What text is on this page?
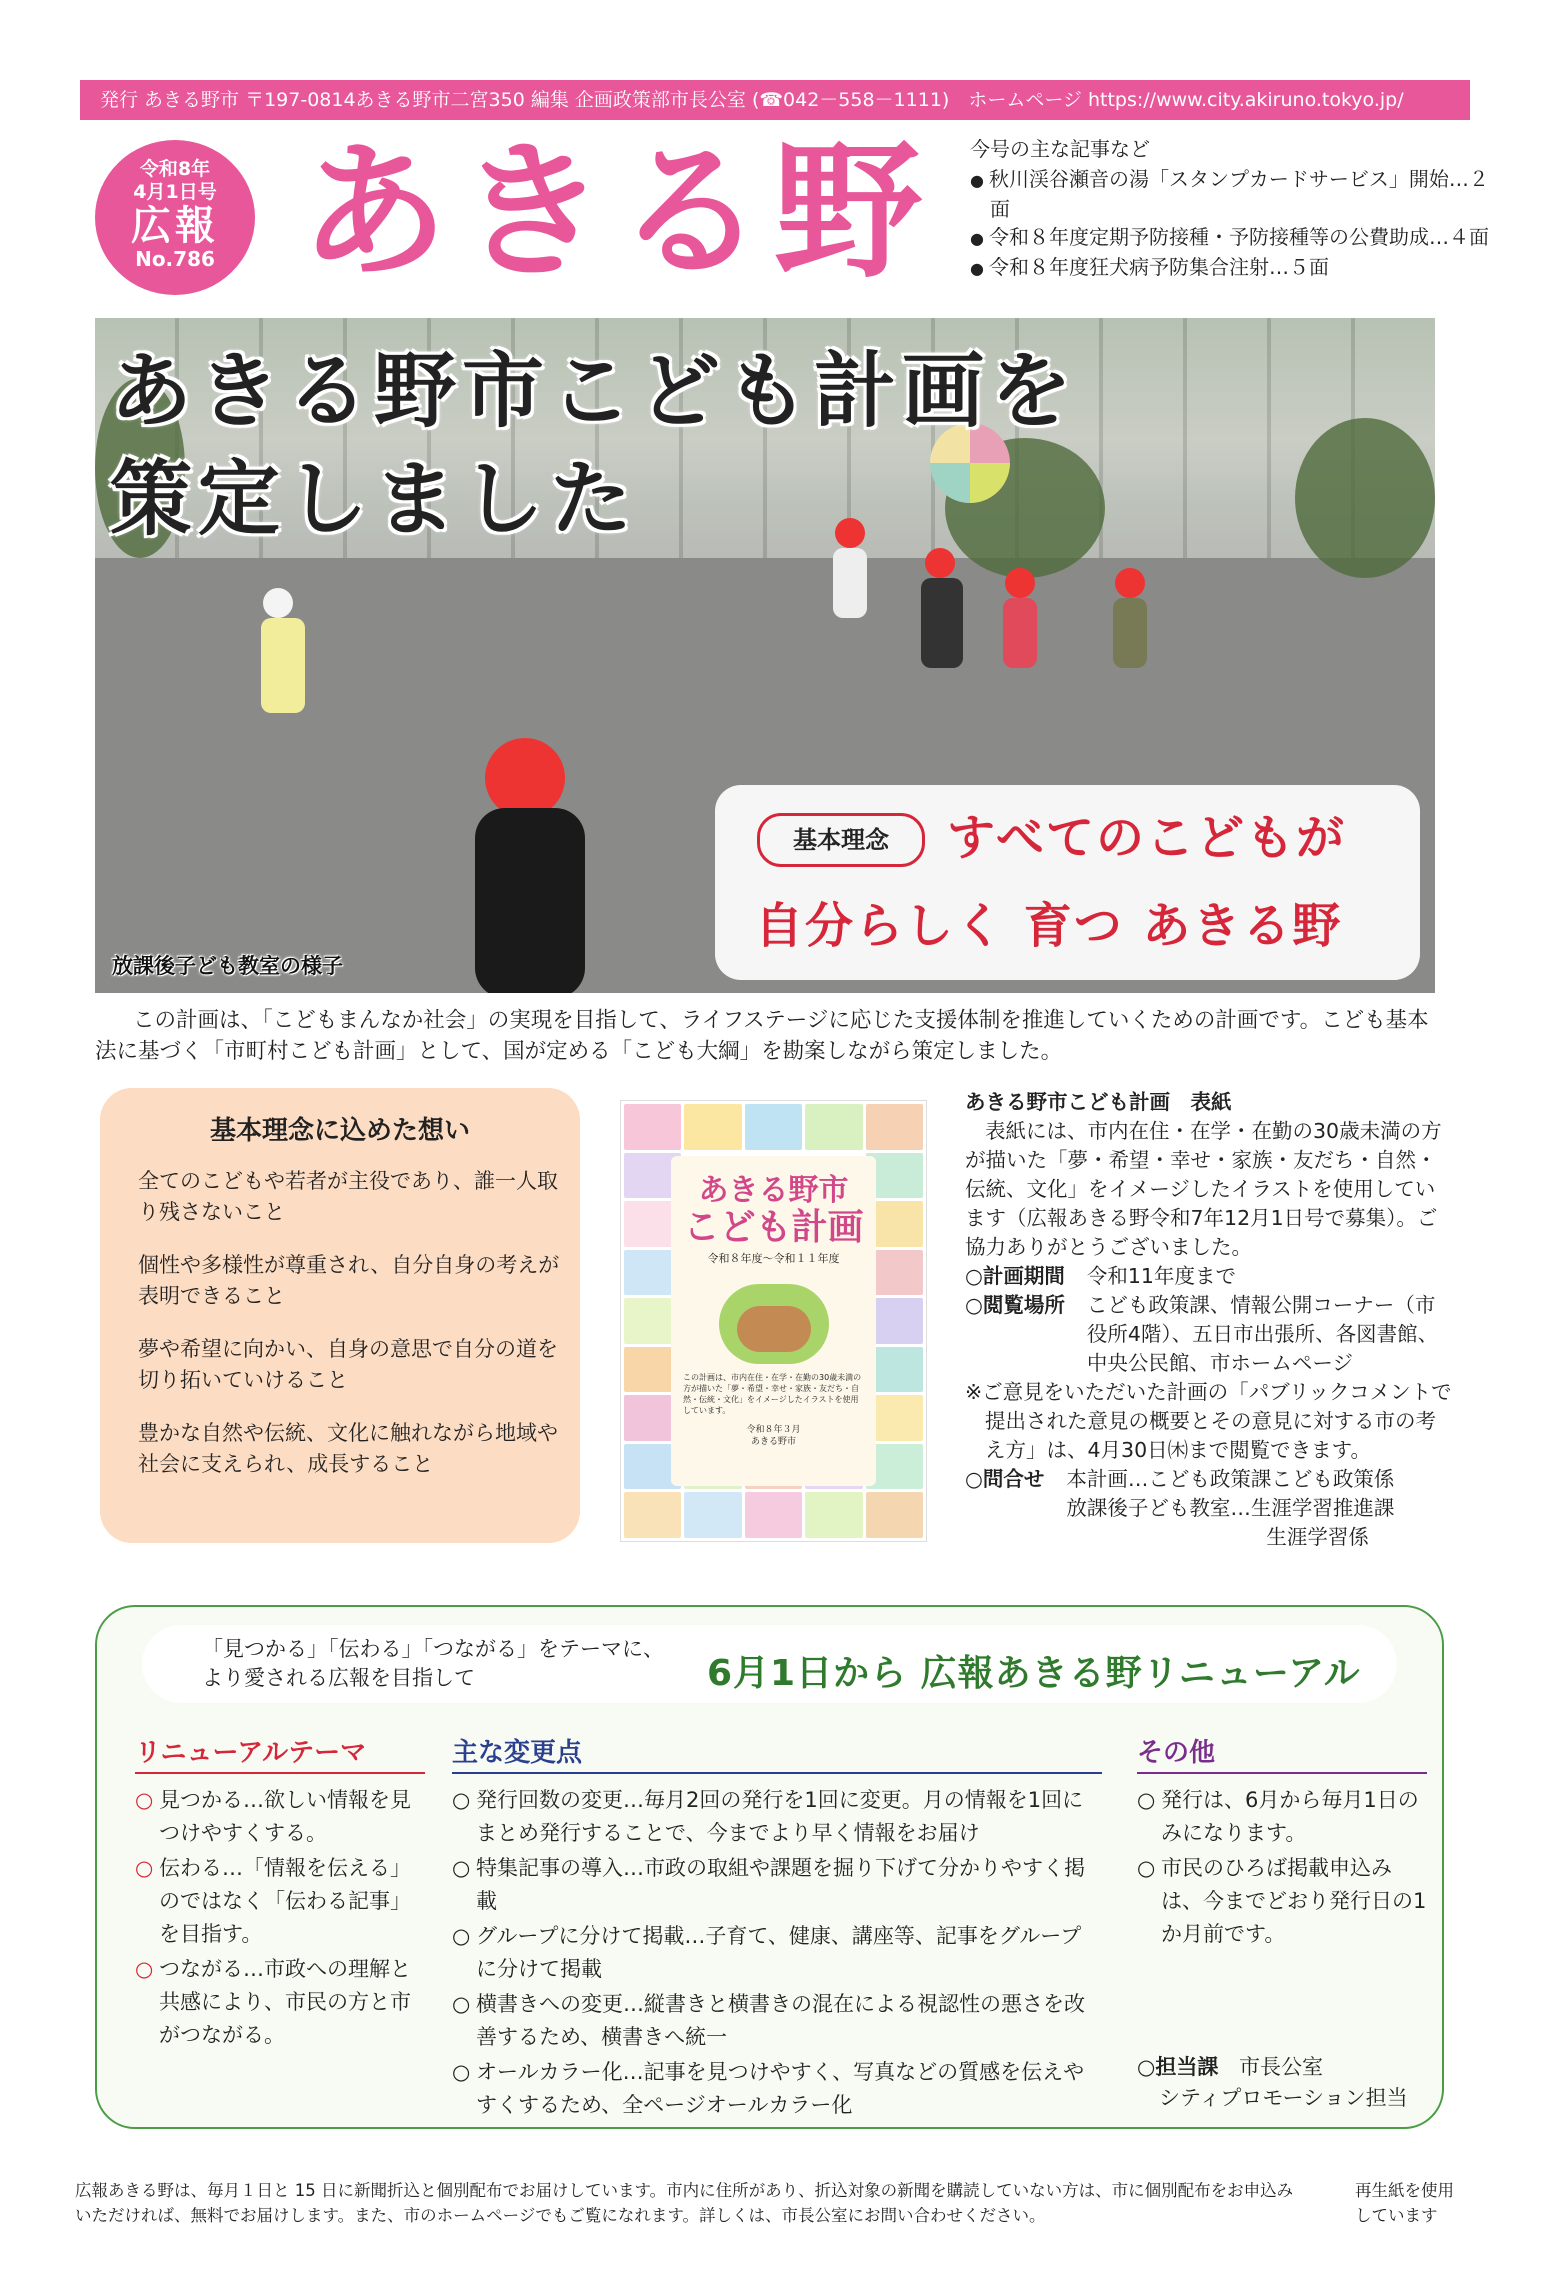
発行 あきる野市 〒197-0814あきる野市二宮350 編集 企画政策部市長公室 (☎042－558－1111)　ホームページ https://www.city.akiruno.tokyo.jp/
令和8年
4月1日号
広報
No.786 あきる野 今号の主な記事など
● 秋川渓谷瀬音の湯「スタンプカードサービス」開始…２面
● 令和８年度定期予防接種・予防接種等の公費助成…４面
● 令和８年度狂犬病予防集合注射…５面
あきる野市こども計画を
策定しました
基本理念	すべてのこどもが
自分らしく 育つ あきる野
放課後子ども教室の様子
この計画は、「こどもまんなか社会」の実現を目指して、ライフステージに応じた支援体制を推進していくための計画です。こども基本法に基づく「市町村こども計画」として、国が定める「こども大綱」を勘案しながら策定しました。
基本理念に込めた想い

全てのこどもや若者が主役であり、誰一人取り残さないこと

個性や多様性が尊重され、自分自身の考えが表明できること

夢や希望に向かい、自身の意思で自分の道を切り拓いていけること

豊かな自然や伝統、文化に触れながら地域や社会に支えられ、成長すること

あきる野市
こども計画
令和８年度～令和１１年度
この計画は、市内在住・在学・在勤の30歳未満の方が描いた「夢・希望・幸せ・家族・友だち・自然・伝統・文化」をイメージしたイラストを使用しています。
令和８年３月
あきる野市
あきる野市こども計画　表紙
表紙には、市内在住・在学・在勤の30歳未満の方が描いた「夢・希望・幸せ・家族・友だち・自然・伝統、文化」をイメージしたイラストを使用しています（広報あきる野令和7年12月1日号で募集）。ご協力ありがとうございました。
○計画期間 令和11年度まで
○閲覧場所 こども政策課、情報公開コーナー（市役所4階）、五日市出張所、各図書館、中央公民館、市ホームページ
※ご意見をいただいた計画の「パブリックコメントで提出された意見の概要とその意見に対する市の考え方」は、4月30日㈭まで閲覧できます。
○問合せ 本計画…こども政策課こども政策係
放課後子ども教室…生涯学習推進課
生涯学習係
「見つかる」「伝わる」「つながる」をテーマに、
より愛される広報を目指して	6月1日から 広報あきる野リニューアル
リニューアルテーマ
○ 見つかる…欲しい情報を見つけやすくする。
○ 伝わる…「情報を伝える」のではなく「伝わる記事」を目指す。
○ つながる…市政への理解と共感により、市民の方と市がつながる。
主な変更点
○ 発行回数の変更…毎月2回の発行を1回に変更。月の情報を1回にまとめ発行することで、今までより早く情報をお届け
○ 特集記事の導入…市政の取組や課題を掘り下げて分かりやすく掲載
○ グループに分けて掲載…子育て、健康、講座等、記事をグループに分けて掲載
○ 横書きへの変更…縦書きと横書きの混在による視認性の悪さを改善するため、横書きへ統一
○ オールカラー化…記事を見つけやすく、写真などの質感を伝えやすくするため、全ページオールカラー化
その他
○ 発行は、6月から毎月1日のみになります。
○ 市民のひろば掲載申込みは、今までどおり発行日の1か月前です。
○担当課 市長公室
シティプロモーション担当
広報あきる野は、毎月１日と 15 日に新聞折込と個別配布でお届けしています。市内に住所があり、折込対象の新聞を購読していない方は、市に個別配布をお申込みいただければ、無料でお届けします。また、市のホームページでもご覧になれます。詳しくは、市長公室にお問い合わせください。
再生紙を使用しています
